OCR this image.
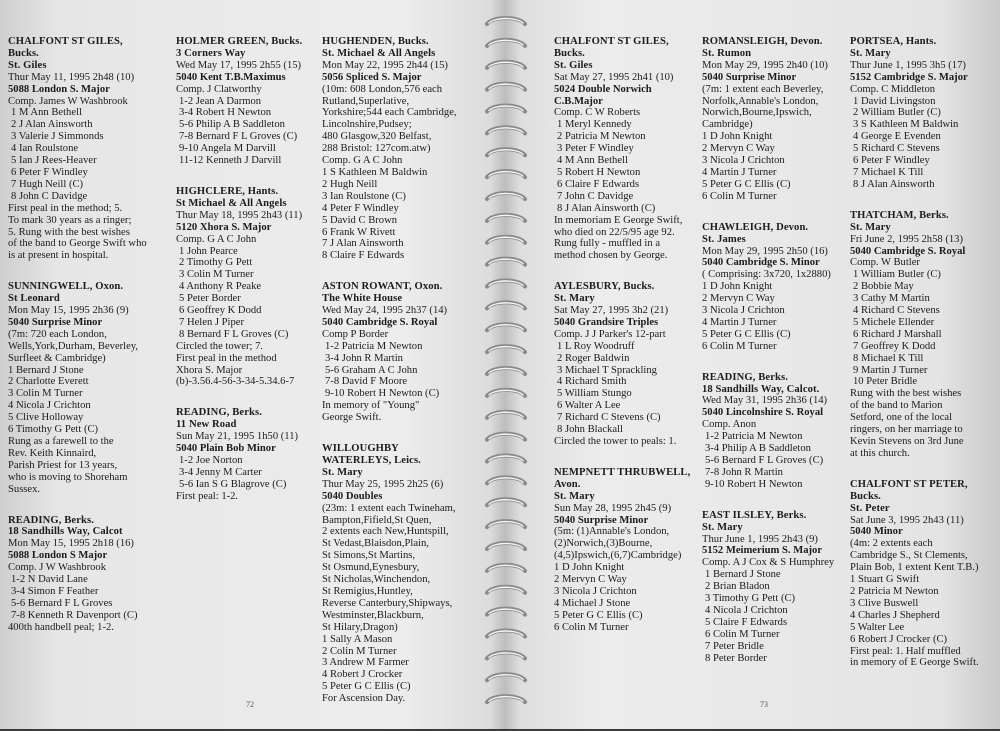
CHALFONT ST GILES,
Bucks.
St. Giles
Thur May 11, 1995 2h48 (10)
5088 London S. Major
Comp. James W Washbrook
1 M Ann Bethell
2 J Alan Ainsworth
3 Valerie J Simmonds
4 Ian Roulstone
5 Ian J Rees-Heaver
6 Peter F Windley
7 Hugh Neill (C)
8 John C Davidge
First peal in the method; 5.
To mark 30 years as a ringer;
5. Rung with the best wishes
of the band to George Swift who
is at present in hospital.
SUNNINGWELL, Oxon.
St Leonard
Mon May 15, 1995 2h36 (9)
5040 Surprise Minor
(7m: 720 each London,
Wells,York,Durham, Beverley,
Surfleet & Cambridge)
1 Bernard J Stone
2 Charlotte Everett
3 Colin M Turner
4 Nicola J Crichton
5 Clive Holloway
6 Timothy G Pett (C)
Rung as a farewell to the
Rev. Keith Kinnaird,
Parish Priest for 13 years,
who is moving to Shoreham
Sussex.
READING, Berks.
18 Sandhills Way, Calcot
Mon May 15, 1995 2h18 (16)
5088 London S Major
Comp. J W Washbrook
1-2 N David Lane
3-4 Simon F Feather
5-6 Bernard F L Groves
7-8 Kenneth R Davenport (C)
400th handbell peal; 1-2.
HOLMER GREEN, Bucks.
3 Corners Way
Wed May 17, 1995 2h55 (15)
5040 Kent T.B.Maximus
Comp. J Clatworthy
1-2 Jean A Darmon
3-4 Robert H Newton
5-6 Philip A B Saddleton
7-8 Bernard F L Groves (C)
9-10 Angela M Darvill
11-12 Kenneth J Darvill
HIGHCLERE, Hants.
St Michael & All Angels
Thur May 18, 1995 2h43 (11)
5120 Xhora S. Major
Comp. G A C John
1 John Pearce
2 Timothy G Pett
3 Colin M Turner
4 Anthony R Peake
5 Peter Border
6 Geoffrey K Dodd
7 Helen J Piper
8 Bernard F L Groves (C)
Circled the tower; 7.
First peal in the method
Xhora S. Major
(b)-3.56.4-56-3-34-5.34.6-7
READING, Berks.
11 New Road
Sun May 21, 1995 1h50 (11)
5040 Plain Bob Minor
1-2 Joe Norton
3-4 Jenny M Carter
5-6 Ian S G Blagrove (C)
First peal: 1-2.
HUGHENDEN, Bucks.
St. Michael & All Angels
Mon May 22, 1995 2h44 (15)
5056 Spliced S. Major
(10m: 608 London,576 each
Rutland,Superlative,
Yorkshire;544 each Cambridge,
Lincolnshire,Pudsey;
480 Glasgow,320 Belfast,
288 Bristol: 127com.atw)
Comp. G A C John
1 S Kathleen M Baldwin
2 Hugh Neill
3 Ian Roulstone (C)
4 Peter F Windley
5 David C Brown
6 Frank W Rivett
7 J Alan Ainsworth
8 Claire F Edwards
ASTON ROWANT, Oxon.
The White House
Wed May 24, 1995 2h37 (14)
5040 Cambridge S. Royal
Comp P Border
1-2 Patricia M Newton
3-4 John R Martin
5-6 Graham A C John
7-8 David F Moore
9-10 Robert H Newton (C)
In memory of "Young"
George Swift.
WILLOUGHBY
WATERLEYS, Leics.
St. Mary
Thur May 25, 1995 2h25 (6)
5040 Doubles
(23m: 1 extent each Twineham,
Bampton,Fifield,St Quen,
2 extents each New,Huntspill,
St Vedast,Blaisdon,Plain,
St Simons,St Martins,
St Osmund,Eynesbury,
St Nicholas,Winchendon,
St Remigius,Huntley,
Reverse Canterbury,Shipways,
Westminster,Blackburn,
St Hilary,Dragon)
1 Sally A Mason
2 Colin M Turner
3 Andrew M Farmer
4 Robert J Crocker
5 Peter G C Ellis (C)
For Ascension Day.
72
CHALFONT ST GILES,
Bucks.
St. Giles
Sat May 27, 1995 2h41 (10)
5024 Double Norwich
C.B.Major
Comp. C W Roberts
1 Meryl Kennedy
2 Patricia M Newton
3 Peter F Windley
4 M Ann Bethell
5 Robert H Newton
6 Claire F Edwards
7 John C Davidge
8 J Alan Ainsworth (C)
In memoriam E George Swift,
who died on 22/5/95 age 92.
Rung fully - muffled in a
method chosen by George.
AYLESBURY, Bucks.
St. Mary
Sat May 27, 1995 3h2 (21)
5040 Grandsire Triples
Comp. J J Parker's 12-part
1 L Roy Woodruff
2 Roger Baldwin
3 Michael T Sprackling
4 Richard Smith
5 William Stungo
6 Walter A Lee
7 Richard C Stevens (C)
8 John Blackall
Circled the tower to peals: 1.
NEMPNETT THRUBWELL,
Avon.
St. Mary
Sun May 28, 1995 2h45 (9)
5040 Surprise Minor
(5m: (1)Annable's London,
(2)Norwich,(3)Bourne,
(4,5)Ipswich,(6,7)Cambridge)
1 D John Knight
2 Mervyn C Way
3 Nicola J Crichton
4 Michael J Stone
5 Peter G C Ellis (C)
6 Colin M Turner
ROMANSLEIGH, Devon.
St. Rumon
Mon May 29, 1995 2h40 (10)
5040 Surprise Minor
(7m: 1 extent each Beverley,
Norfolk,Annable's London,
Norwich,Bourne,Ipswich,
Cambridge)
1 D John Knight
2 Mervyn C Way
3 Nicola J Crichton
4 Martin J Turner
5 Peter G C Ellis (C)
6 Colin M Turner
CHAWLEIGH, Devon.
St. James
Mon May 29, 1995 2h50 (16)
5040 Cambridge S. Minor
( Comprising: 3x720, 1x2880)
1 D John Knight
2 Mervyn C Way
3 Nicola J Crichton
4 Martin J Turner
5 Peter G C Ellis (C)
6 Colin M Turner
READING, Berks.
18 Sandhills Way, Calcot.
Wed May 31, 1995 2h36 (14)
5040 Lincolnshire S. Royal
Comp. Anon
1-2 Patricia M Newton
3-4 Philip A B Saddleton
5-6 Bernard F L Groves (C)
7-8 John R Martin
9-10 Robert H Newton
EAST ILSLEY, Berks.
St. Mary
Thur June 1, 1995 2h43 (9)
5152 Meimerium S. Major
Comp. A J Cox & S Humphrey
1 Bernard J Stone
2 Brian Bladon
3 Timothy G Pett (C)
4 Nicola J Crichton
5 Claire F Edwards
6 Colin M Turner
7 Peter Bridle
8 Peter Border
PORTSEA, Hants.
St. Mary
Thur June 1, 1995 3h5 (17)
5152 Cambridge S. Major
Comp. C Middleton
1 David Livingston
2 William Butler (C)
3 S Kathleen M Baldwin
4 George E Evenden
5 Richard C Stevens
6 Peter F Windley
7 Michael K Till
8 J Alan Ainsworth
THATCHAM, Berks.
St. Mary
Fri June 2, 1995 2h58 (13)
5040 Cambridge S. Royal
Comp. W Butler
1 William Butler (C)
2 Bobbie May
3 Cathy M Martin
4 Richard C Stevens
5 Michele Ellender
6 Richard J Marshall
7 Geoffrey K Dodd
8 Michael K Till
9 Martin J Turner
10 Peter Bridle
Rung with the best wishes
of the band to Marion
Setford, one of the local
ringers, on her marriage to
Kevin Stevens on 3rd June
at this church.
CHALFONT ST PETER,
Bucks.
St. Peter
Sat June 3, 1995 2h43 (11)
5040 Minor
(4m: 2 extents each
Cambridge S., St Clements,
Plain Bob, 1 extent Kent T.B.)
1 Stuart G Swift
2 Patricia M Newton
3 Clive Buswell
4 Charles J Shepherd
5 Walter Lee
6 Robert J Crocker (C)
First peal: 1. Half muffled
in memory of E George Swift.
73
